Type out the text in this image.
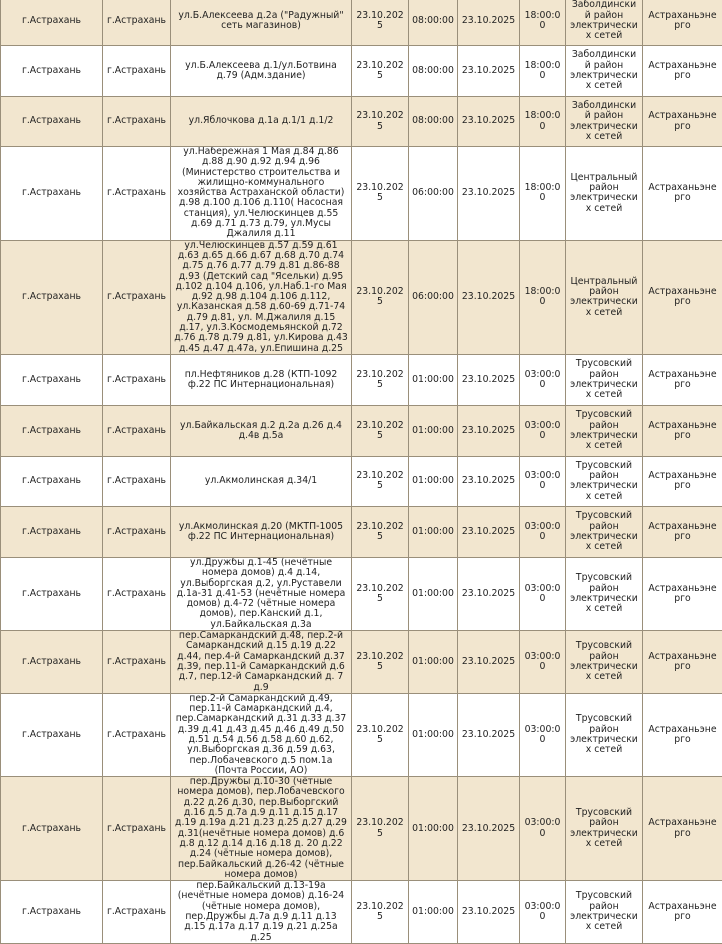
г.Астрахань	г.Астрахань	ул.Б.Алексеева д.2а ("Радужный" сеть магазинов)	23.10.2025	08:00:00	23.10.2025	18:00:00	Заболдинский район электрических сетей	Астраханьэнерго
г.Астрахань	г.Астрахань	ул.Б.Алексеева д.1/ул.Ботвина д.79 (Адм.здание)	23.10.2025	08:00:00	23.10.2025	18:00:00	Заболдинский район электрических сетей	Астраханьэнерго
г.Астрахань	г.Астрахань	ул.Яблочкова д.1а д.1/1 д.1/2	23.10.2025	08:00:00	23.10.2025	18:00:00	Заболдинский район электрических сетей	Астраханьэнерго
г.Астрахань	г.Астрахань	ул.Набережная 1 Мая д.84 д.86 д.88 д.90 д.92 д.94 д.96 (Министерство строительства и жилищно-коммунального хозяйства Астраханской области) д.98 д.100 д.106 д.110( Насосная станция), ул.Челюскинцев д.55 д.69 д.71 д.73 д.79, ул.Мусы Джалиля д.11	23.10.2025	06:00:00	23.10.2025	18:00:00	Центральный район электрических сетей	Астраханьэнерго
г.Астрахань	г.Астрахань	ул.Челюскинцев д.57 д.59 д.61 д.63 д.65 д.66 д.67 д.68 д.70 д.74 д.75 д.76 д.77 д.79 д.81 д.86-88 д.93 (Детский сад "Ясельки) д.95 д.102 д.104 д.106, ул.Наб.1-го Мая д.92 д.98 д.104 д.106 д.112, ул.Казанская д.58 д.60-69 д.71-74 д.79 д.81, ул. М.Джалиля д.15 д.17, ул.З.Космодемьянской д.72 д.76 д.78 д.79 д.81, ул.Кирова д.43 д.45 д.47 д.47а, ул.Епишина д.25	23.10.2025	06:00:00	23.10.2025	18:00:00	Центральный район электрических сетей	Астраханьэнерго
г.Астрахань	г.Астрахань	пл.Нефтяников д.28 (КТП-1092 ф.22 ПС Интернациональная)	23.10.2025	01:00:00	23.10.2025	03:00:00	Трусовский район электрических сетей	Астраханьэнерго
г.Астрахань	г.Астрахань	ул.Байкальская д.2 д.2а д.26 д.4 д.4в д.5а	23.10.2025	01:00:00	23.10.2025	03:00:00	Трусовский район электрических сетей	Астраханьэнерго
г.Астрахань	г.Астрахань	ул.Акмолинская д.34/1	23.10.2025	01:00:00	23.10.2025	03:00:00	Трусовский район электрических сетей	Астраханьэнерго
г.Астрахань	г.Астрахань	ул.Акмолинская д.20 (МКТП-1005 ф.22 ПС Интернациональная)	23.10.2025	01:00:00	23.10.2025	03:00:00	Трусовский район электрических сетей	Астраханьэнерго
г.Астрахань	г.Астрахань	ул.Дружбы д.1-45 (нечётные номера домов) д.4 д.14, ул.Выборгская д.2, ул.Руставели д.1а-31 д.41-53 (нечётные номера домов) д.4-72 (чётные номера домов), пер.Канский д.1, ул.Байкальская д.3а	23.10.2025	01:00:00	23.10.2025	03:00:00	Трусовский район электрических сетей	Астраханьэнерго
г.Астрахань	г.Астрахань	пер.Самаркандский д.48, пер.2-й Самаркандский д.15 д.19 д.22 д.44, пер.4-й Самаркандский д.37 д.39, пер.11-й Самаркандский д.6 д.7, пер.12-й Самаркандский д. 7 д.9	23.10.2025	01:00:00	23.10.2025	03:00:00	Трусовский район электрических сетей	Астраханьэнерго
г.Астрахань	г.Астрахань	пер.2-й Самаркандский д.49, пер.11-й Самаркандский д.4, пер.Самаркандский д.31 д.33 д.37 д.39 д.41 д.43 д.45 д.46 д.49 д.50 д.51 д.54 д.56 д.58 д.60 д.62, ул.Выборгская д.36 д.59 д.63, пер.Лобачевского д.5 пом.1а (Почта России, АО)	23.10.2025	01:00:00	23.10.2025	03:00:00	Трусовский район электрических сетей	Астраханьэнерго
г.Астрахань	г.Астрахань	пер.Дружбы д.10-30 (чётные номера домов), пер.Лобачевского д.22 д.26 д.30, пер.Выборгский д.16 д.5 д.7а д.9 д.11 д.15 д.17 д.19 д.19а д.21 д.23 д.25 д.27 д.29 д.31(нечётные номера домов) д.6 д.8 д.12 д.14 д.16 д.18 д. 20 д.22 д.24 (чётные номера домов), пер.Байкальский д.26-42 (чётные номера домов)	23.10.2025	01:00:00	23.10.2025	03:00:00	Трусовский район электрических сетей	Астраханьэнерго
г.Астрахань	г.Астрахань	пер.Байкальский д.13-19а (нечётные номера домов) д.16-24 (чётные номера домов), пер.Дружбы д.7а д.9 д.11 д.13 д.15 д.17а д.17 д.19 д.21 д.25а д.25	23.10.2025	01:00:00	23.10.2025	03:00:00	Трусовский район электрических сетей	Астраханьэнерго
